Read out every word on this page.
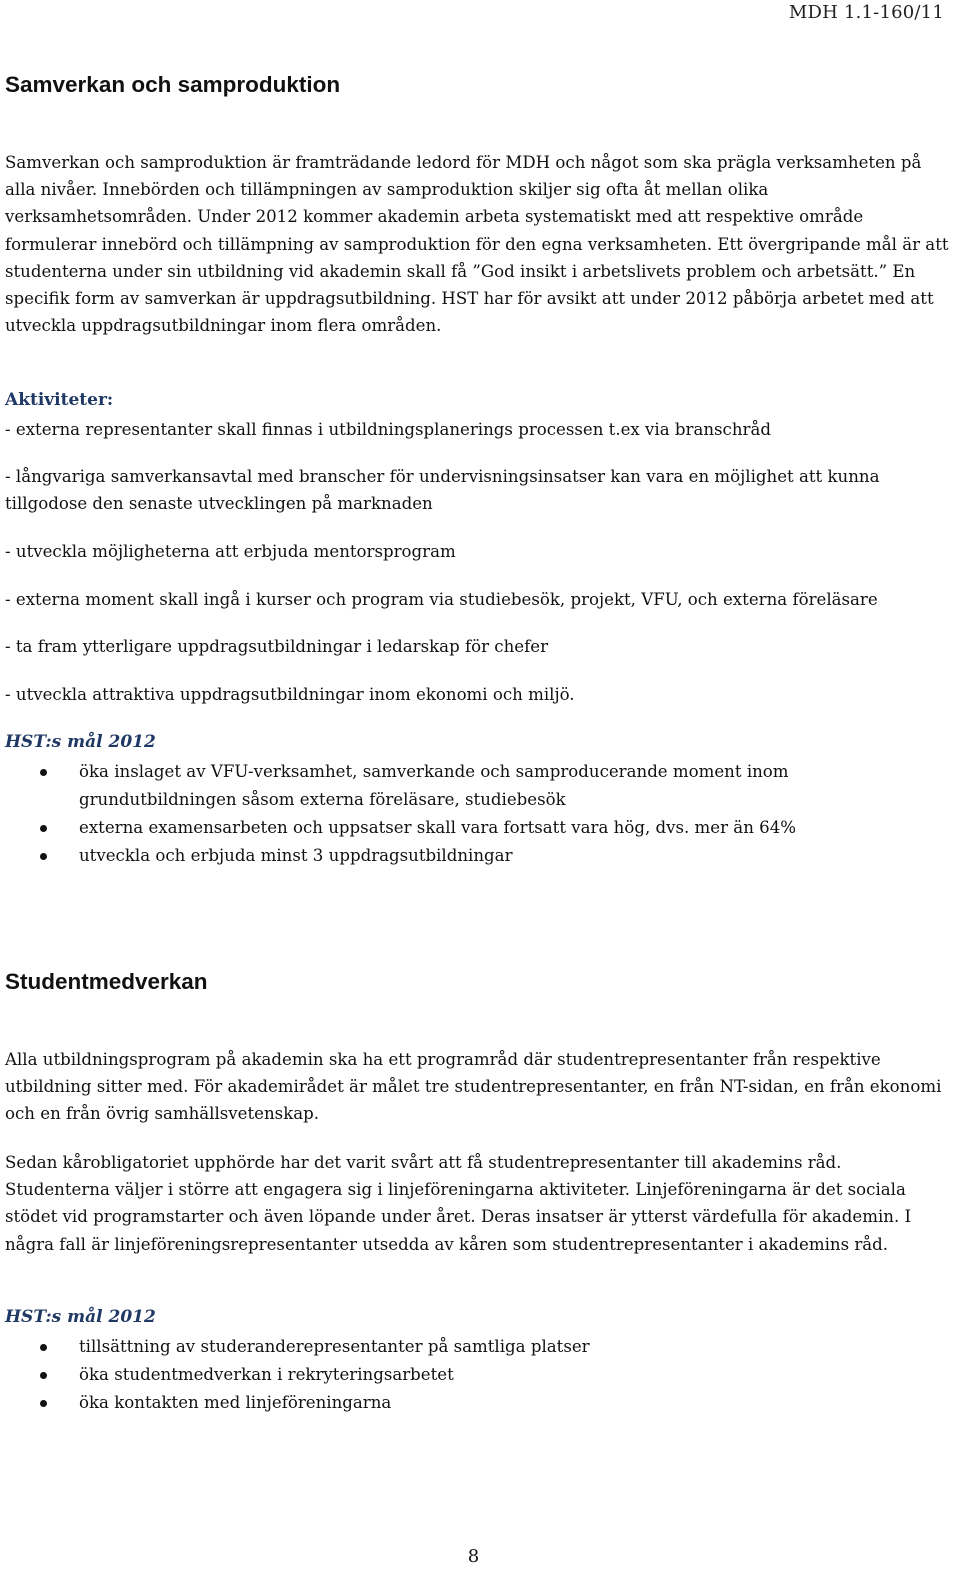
MDH 1.1-160/11
Samverkan och samproduktion

Samverkan och samproduktion är framträdande ledord för MDH och något som ska prägla verksamheten på alla nivåer. Innebörden och tillämpningen av samproduktion skiljer sig ofta åt mellan olika verksamhetsområden. Under 2012 kommer akademin arbeta systematiskt med att respektive område formulerar innebörd och tillämpning av samproduktion för den egna verksamheten. Ett övergripande mål är att studenterna under sin utbildning vid akademin skall få ”God insikt i arbetslivets problem och arbetsätt.” En specifik form av samverkan är uppdragsutbildning. HST har för avsikt att under 2012 påbörja arbetet med att utveckla uppdragsutbildningar inom flera områden.

Aktiviteter:

- externa representanter skall finnas i utbildningsplanerings processen t.ex via branschråd

- långvariga samverkansavtal med branscher för undervisningsinsatser kan vara en möjlighet att kunna tillgodose den senaste utvecklingen på marknaden

- utveckla möjligheterna att erbjuda mentorsprogram

- externa moment skall ingå i kurser och program via studiebesök, projekt, VFU, och externa föreläsare

- ta fram ytterligare uppdragsutbildningar i ledarskap för chefer

- utveckla attraktiva uppdragsutbildningar inom ekonomi och miljö.

HST:s mål 2012

öka inslaget av VFU-verksamhet, samverkande och samproducerande moment inom grundutbildningen såsom externa föreläsare, studiebesök
externa examensarbeten och uppsatser skall vara fortsatt vara hög, dvs. mer än 64%
utveckla och erbjuda minst 3 uppdragsutbildningar
Studentmedverkan

Alla utbildningsprogram på akademin ska ha ett programråd där studentrepresentanter från respektive utbildning sitter med. För akademirådet är målet tre studentrepresentanter, en från NT-sidan, en från ekonomi och en från övrig samhällsvetenskap.

Sedan kårobligatoriet upphörde har det varit svårt att få studentrepresentanter till akademins råd. Studenterna väljer i större att engagera sig i linjeföreningarna aktiviteter. Linjeföreningarna är det sociala stödet vid programstarter och även löpande under året. Deras insatser är ytterst värdefulla för akademin. I några fall är linjeföreningsrepresentanter utsedda av kåren som studentrepresentanter i akademins råd.

HST:s mål 2012

tillsättning av studeranderepresentanter på samtliga platser
öka studentmedverkan i rekryteringsarbetet
öka kontakten med linjeföreningarna
8
